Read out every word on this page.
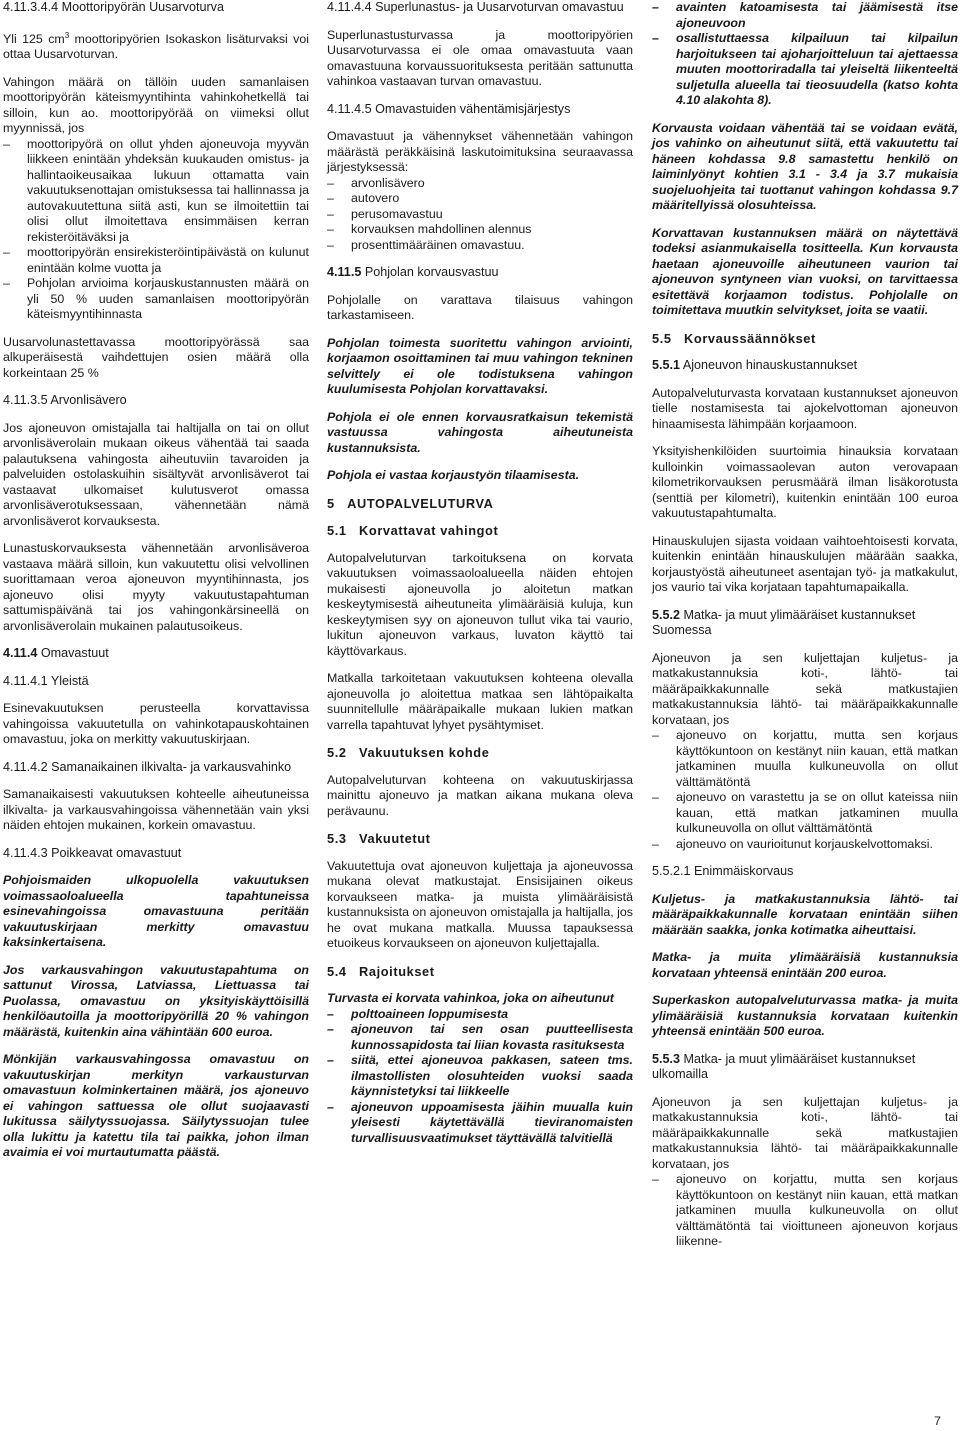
4.11.3.4.4 Moottoripyörän Uusarvoturva

Yli 125 $cm^3$ moottoripyörien Isokaskon lisäturvaksi voi ottaa Uusarvoturvan.

Vahingon määrä on tällöin uuden samanlaisen moottoripyörän käteismyyntihinta vahinkohetkellä tai silloin, kun ao. moottoripyörää on viimeksi ollut myynnissä, jos

– moottoripyörä on ollut yhden ajoneuvoja myyvän liikkeen enintään yhdeksän kuukauden omistus- ja hallintaoikeusaikaa lukuun ottamatta vain vakuutuksenottajan omistuksessa tai hallinnassa ja autovakuutettuna siitä asti, kun se ilmoitettiin tai olisi ollut ilmoitettava ensimmäisen kerran rekisteröitäväksi ja
– moottoripyörän ensirekisteröintipäivästä on kulunut enintään kolme vuotta ja
– Pohjolan arvioima korjauskustannusten määrä on yli 50 % uuden samanlaisen moottoripyörän käteismyyntihinnasta

Uusarvolunastettavassa moottoripyörässä saa alkuperäisestä vaihdettujen osien määrä olla korkeintaan 25 %

4.11.3.5 Arvonlisävero

Jos ajoneuvon omistajalla tai haltijalla on tai on ollut arvonlisäverolain mukaan oikeus vähentää tai saada palautuksena vahingosta aiheutuviin tavaroiden ja palveluiden ostolaskuihin sisältyvät arvonlisäverot tai vastaavat ulkomaiset kulutusverot omassa arvonlisäverotuksessaan, vähennetään nämä arvonlisäverot korvauksesta.

Lunastuskorvauksesta vähennetään arvonlisäveroa vastaava määrä silloin, kun vakuutettu olisi velvollinen suorittamaan veroa ajoneuvon myyntihinnasta, jos ajoneuvo olisi myyty vakuutustapahtuman sattumispäivänä tai jos vahingonkärsineellä on arvonlisäverolain mukainen palautusoikeus.

4.11.4 Omavastuut
4.11.4.1 Yleistä

Esinevakuutuksen perusteella korvattavissa vahingoissa vakuutetulla on vahinkotapauskohtainen omavastuu, joka on merkitty vakuutuskirjaan.

4.11.4.2 Samanaikainen ilkivalta- ja varkausvahinko

Samanaikaisesti vakuutuksen kohteelle aiheutuneissa ilkivalta- ja varkausvahingoissa vähennetään vain yksi näiden ehtojen mukainen, korkein omavastuu.

4.11.4.3 Poikkeavat omavastuut

Pohjoismaiden ulkopuolella vakuutuksen voimassaoloalueella tapahtuneissa esinevahingoissa omavastuuna peritään vakuutuskirjaan merkitty omavastuu kaksinkertaisena.

Jos varkausvahingon vakuutustapahtuma on sattunut Virossa, Latviassa, Liettuassa tai Puolassa, omavastuu on yksityiskäyttöisillä henkilöautoilla ja moottoripyörillä 20 % vahingon määrästä, kuitenkin aina vähintään 600 euroa.

Mönkijän varkausvahingossa omavastuu on vakuutuskirjan merkityn varkausturvan omavastuun kolminkertainen määrä, jos ajoneuvo ei vahingon sattuessa ole ollut suojaavasti lukitussa säilytyssuojassa. Säilytyssuojan tulee olla lukittu ja katettu tila tai paikka, johon ilman avaimia ei voi murtautumatta päästä.

4.11.4.4 Superlunastus- ja Uusarvoturvan omavastuu

Superlunastusturvassa ja moottoripyörien Uusarvoturvassa ei ole omaa omavastuuta vaan omavastuuna korvaussuorituksesta peritään sattunutta vahinkoa vastaavan turvan omavastuu.

4.11.4.5 Omavastuiden vähentämisjärjestys

Omavastuut ja vähennykset vähennetään vahingon määrästä peräkkäisinä laskutoimituksina seuraavassa järjestyksessä:

– arvonlisävero
– autovero
– perusomavastuu
– korvauksen mahdollinen alennus
– prosenttimääräinen omavastuu.
4.11.5 Pohjolan korvausvastuu

Pohjolalle on varattava tilaisuus vahingon tarkastamiseen.

Pohjolan toimesta suoritettu vahingon arviointi, korjaamon osoittaminen tai muu vahingon tekninen selvittely ei ole todistuksena vahingon kuulumisesta Pohjolan korvattavaksi.

Pohjola ei ole ennen korvausratkaisun tekemistä vastuussa vahingosta aiheutuneista kustannuksista.

Pohjola ei vastaa korjaustyön tilaamisesta.

5   AUTOPALVELUTURVA
5.1   Korvattavat vahingot

Autopalveluturvan tarkoituksena on korvata vakuutuksen voimassaoloalueella näiden ehtojen mukaisesti ajoneuvolla jo aloitetun matkan keskeytymisestä aiheutuneita ylimääräisiä kuluja, kun keskeytymisen syy on ajoneuvon tullut vika tai vaurio, lukitun ajoneuvon varkaus, luvaton käyttö tai käyttövarkaus.

Matkalla tarkoitetaan vakuutuksen kohteena olevalla ajoneuvolla jo aloitettua matkaa sen lähtöpaikalta suunnitellulle määräpaikalle mukaan lukien matkan varrella tapahtuvat lyhyet pysähtymiset.

5.2   Vakuutuksen kohde

Autopalveluturvan kohteena on vakuutuskirjassa mainittu ajoneuvo ja matkan aikana mukana oleva perävaunu.

5.3   Vakuutetut

Vakuutettuja ovat ajoneuvon kuljettaja ja ajoneuvossa mukana olevat matkustajat. Ensisijainen oikeus korvaukseen matka- ja muista ylimääräisistä kustannuksista on ajoneuvon omistajalla ja haltijalla, jos he ovat mukana matkalla. Muussa tapauksessa etuoikeus korvaukseen on ajoneuvon kuljettajalla.

5.4   Rajoitukset

Turvasta ei korvata vahinkoa, joka on aiheutunut

– polttoaineen loppumisesta
– ajoneuvon tai sen osan puutteellisesta kunnossapidosta tai liian kovasta rasituksesta
– siitä, ettei ajoneuvoa pakkasen, sateen tms. ilmastollisten olosuhteiden vuoksi saada käynnistetyksi tai liikkeelle
– ajoneuvon uppoamisesta jäihin muualla kuin yleisesti käytettävällä tieviranomaisten turvallisuusvaatimukset täyttävällä talvitiellä
– avainten katoamisesta tai jäämisestä itse ajoneuvoon
– osallistuttaessa kilpailuun tai kilpailun harjoitukseen tai ajoharjoitteluun tai ajettaessa muuten moottoriradalla tai yleiseltä liikenteeltä suljetulla alueella tai tieosuudella (katso kohta 4.10 alakohta 8).

Korvausta voidaan vähentää tai se voidaan evätä, jos vahinko on aiheutunut siitä, että vakuutettu tai häneen kohdassa 9.8 samastettu henkilö on laiminlyönyt kohtien 3.1 - 3.4 ja 3.7 mukaisia suojeluohjeita tai tuottanut vahingon kohdassa 9.7 määritellyissä olosuhteissa.

Korvattavan kustannuksen määrä on näytettävä todeksi asianmukaisella tositteella. Kun korvausta haetaan ajoneuvoille aiheutuneen vaurion tai ajoneuvon syntyneen vian vuoksi, on tarvittaessa esitettävä korjaamon todistus. Pohjolalle on toimitettava muutkin selvitykset, joita se vaatii.

5.5   Korvaussäännökset
5.5.1 Ajoneuvon hinauskustannukset

Autopalveluturvasta korvataan kustannukset ajoneuvon tielle nostamisesta tai ajokelvottoman ajoneuvon hinaamisesta lähimpään korjaamoon.

Yksityishenkilöiden suurtoimia hinauksia korvataan kulloinkin voimassaolevan auton verovapaan kilometrikorvauksen perusmäärä ilman lisäkorotusta (senttiä per kilometri), kuitenkin enintään 100 euroa vakuutustapahtumalta.

Hinauskulujen sijasta voidaan vaihtoehtoisesti korvata, kuitenkin enintään hinauskulujen määrään saakka, korjaustyöstä aiheutuneet asentajan työ- ja matkakulut, jos vaurio tai vika korjataan tapahtumapaikalla.

5.5.2 Matka- ja muut ylimääräiset kustannukset Suomessa

Ajoneuvon ja sen kuljettajan kuljetus- ja matkakustannuksia koti-, lähtö- tai määräpaikkakunnalle sekä matkustajien matkakustannuksia lähtö- tai määräpaikkakunnalle korvataan, jos

– ajoneuvo on korjattu, mutta sen korjaus käyttökuntoon on kestänyt niin kauan, että matkan jatkaminen muulla kulkuneuvolla on ollut välttämätöntä
– ajoneuvo on varastettu ja se on ollut kateissa niin kauan, että matkan jatkaminen muulla kulkuneuvolla on ollut välttämätöntä
– ajoneuvo on vaurioitunut korjauskelvottomaksi.
5.5.2.1 Enimmäiskorvaus

Kuljetus- ja matkakustannuksia lähtö- tai määräpaikkakunnalle korvataan enintään siihen määrään saakka, jonka kotimatka aiheuttaisi.

Matka- ja muita ylimääräisiä kustannuksia korvataan yhteensä enintään 200 euroa.

Superkaskon autopalveluturvassa matka- ja muita ylimääräisiä kustannuksia korvataan kuitenkin yhteensä enintään 500 euroa.

5.5.3 Matka- ja muut ylimääräiset kustannukset ulkomailla

Ajoneuvon ja sen kuljettajan kuljetus- ja matkakustannuksia koti-, lähtö- tai määräpaikkakunnalle sekä matkustajien matkakustannuksia lähtö- tai määräpaikkakunnalle korvataan, jos

– ajoneuvo on korjattu, mutta sen korjaus käyttökuntoon on kestänyt niin kauan, että matkan jatkaminen muulla kulkuneuvolla on ollut välttämätöntä tai vioittuneen ajoneuvon korjaus liikenne-
7
